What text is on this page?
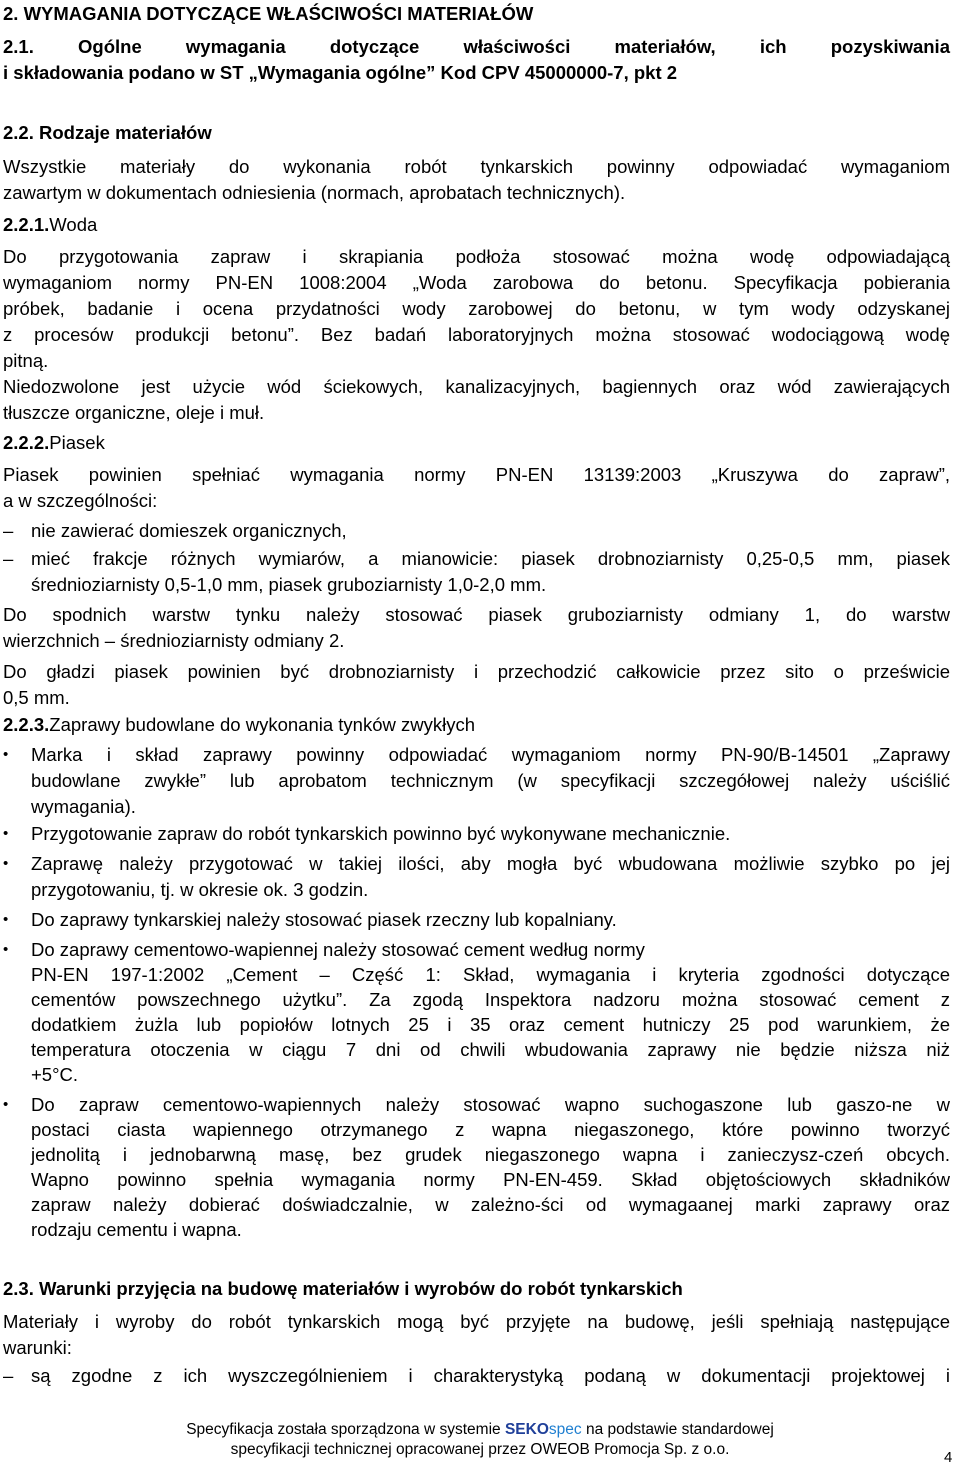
2. WYMAGANIA DOTYCZĄCE WŁAŚCIWOŚCI MATERIAŁÓW
2.1. Ogólne wymagania dotyczące właściwości materiałów, ich pozyskiwania
i składowania podano w ST „Wymagania ogólne” Kod CPV 45000000-7, pkt 2
2.2. Rodzaje materiałów
Wszystkie materiały do wykonania robót tynkarskich powinny odpowiadać wymaganiom
zawartym w dokumentach odniesienia (normach, aprobatach technicznych).
2.2.1.Woda
Do przygotowania zapraw i skrapiania podłoża stosować można wodę odpowiadającą
wymaganiom normy PN-EN 1008:2004 „Woda zarobowa do betonu. Specyfikacja pobierania
próbek, badanie i ocena przydatności wody zarobowej do betonu, w tym wody odzyskanej
z procesów produkcji betonu”. Bez badań laboratoryjnych można stosować wodociągową wodę
pitną.
Niedozwolone jest użycie wód ściekowych, kanalizacyjnych, bagiennych oraz wód zawierających
tłuszcze organiczne, oleje i muł.
2.2.2.Piasek
Piasek powinien spełniać wymagania normy PN-EN 13139:2003 „Kruszywa do zapraw”,
a w szczególności:
– nie zawierać domieszek organicznych,
– mieć frakcje różnych wymiarów, a mianowicie: piasek drobnoziarnisty 0,25-0,5 mm, piasek
średnioziarnisty 0,5-1,0 mm, piasek gruboziarnisty 1,0-2,0 mm.
Do spodnich warstw tynku należy stosować piasek gruboziarnisty odmiany 1, do warstw
wierzchnich – średnioziarnisty odmiany 2.
Do gładzi piasek powinien być drobnoziarnisty i przechodzić całkowicie przez sito o prześwicie
0,5 mm.
2.2.3.Zaprawy budowlane do wykonania tynków zwykłych
• Marka i skład zaprawy powinny odpowiadać wymaganiom normy PN-90/B-14501 „Zaprawy
budowlane zwykłe” lub aprobatom technicznym (w specyfikacji szczegółowej należy uściślić
wymagania).
• Przygotowanie zapraw do robót tynkarskich powinno być wykonywane mechanicznie.
• Zaprawę należy przygotować w takiej ilości, aby mogła być wbudowana możliwie szybko po jej
przygotowaniu, tj. w okresie ok. 3 godzin.
• Do zaprawy tynkarskiej należy stosować piasek rzeczny lub kopalniany.
• Do zaprawy cementowo-wapiennej należy stosować cement według normy
PN-EN 197-1:2002 „Cement – Część 1: Skład, wymagania i kryteria zgodności dotyczące
cementów powszechnego użytku”. Za zgodą Inspektora nadzoru można stosować cement z
dodatkiem żużla lub popiołów lotnych 25 i 35 oraz cement hutniczy 25 pod warunkiem, że
temperatura otoczenia w ciągu 7 dni od chwili wbudowania zaprawy nie będzie niższa niż
+5°C.
• Do zapraw cementowo-wapiennych należy stosować wapno suchogaszone lub gaszo-ne w
postaci ciasta wapiennego otrzymanego z wapna niegaszonego, które powinno tworzyć
jednolitą i jednobarwną masę, bez grudek niegaszonego wapna i zanieczysz-czeń obcych.
Wapno powinno spełnia wymagania normy PN-EN-459. Skład objętościowych składników
zapraw należy dobierać doświadczalnie, w zależno-ści od wymagaanej marki zaprawy oraz
rodzaju cementu i wapna.
2.3. Warunki przyjęcia na budowę materiałów i wyrobów do robót tynkarskich
Materiały i wyroby do robót tynkarskich mogą być przyjęte na budowę, jeśli spełniają następujące
warunki:
– są zgodne z ich wyszczególnieniem i charakterystyką podaną w dokumentacji projektowej i
Specyfikacja została sporządzona w systemie SEKOspec na podstawie standardowej
specyfikacji technicznej opracowanej przez OWEOB Promocja Sp. z o.o.	4
